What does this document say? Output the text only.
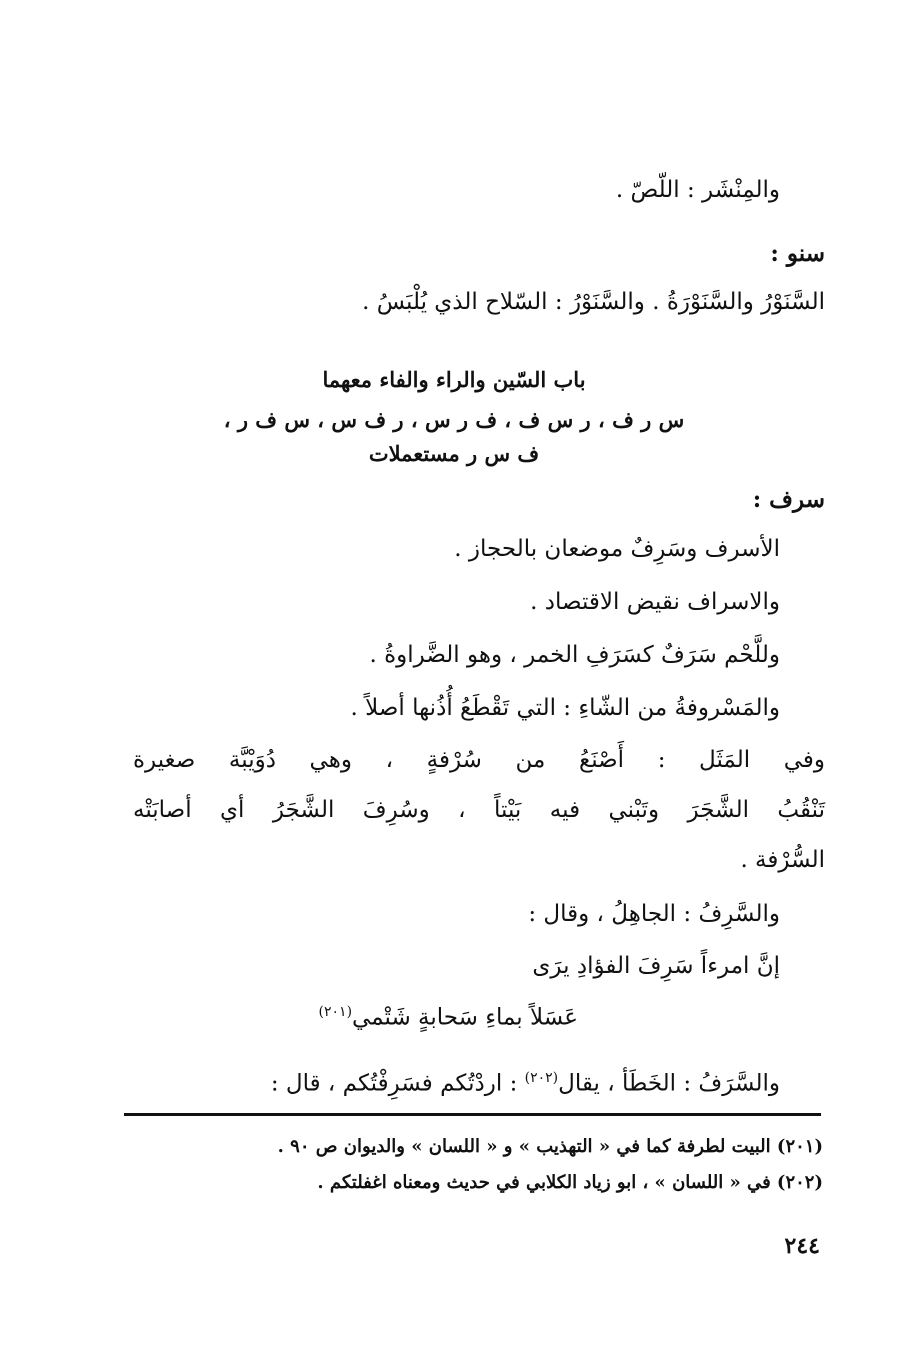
والمِنْشَر : اللّصّ .
سنو :
السَّنَوْرُ والسَّنَوْرَةُ . والسَّنَوْرُ : السّلاح الذي يُلْبَسُ .
باب السّين والراء والفاء معهما
س ر ف ، ر س ف ، ف ر س ، ر ف س ، س ف ر ،
ف س ر مستعملات
سرف :
الأسرف وسَرِفٌ موضعان بالحجاز .
والاسراف نقيض الاقتصاد .
وللَّحْم سَرَفٌ كسَرَفِ الخمر ، وهو الضَّراوةُ .
والمَسْروفةُ من الشّاءِ : التي تَقْطَعُ أُذُنها أصلاً .
وفي المَثَل : أَصْنَعُ من سُرْفةٍ ، وهي دُوَيْبَّة صغيرة
تَنْقُبُ الشَّجَرَ وتَبْني فيه بَيْتاً ، وسُرِفَ الشَّجَرُ أي أصابَتْه
السُّرْفة .
والسَّرِفُ : الجاهِلُ ، وقال :
إنَّ امرءاً سَرِفَ الفؤادِ يرَى
عَسَلاً بماءِ سَحابةٍ شَتْمي$^{(٢٠١)}$
والسَّرَفُ : الخَطَأ ، يقال$^{(٢٠٢)}$ : اردْتُكم فسَرِفْتُكم ، قال :
(٢٠١) البيت لطرفة كما في « التهذيب » و « اللسان » والديوان ص ٩٠ .
(٢٠٢) في « اللسان » ، ابو زياد الكلابي في حديث ومعناه اغفلتكم .
٢٤٤
